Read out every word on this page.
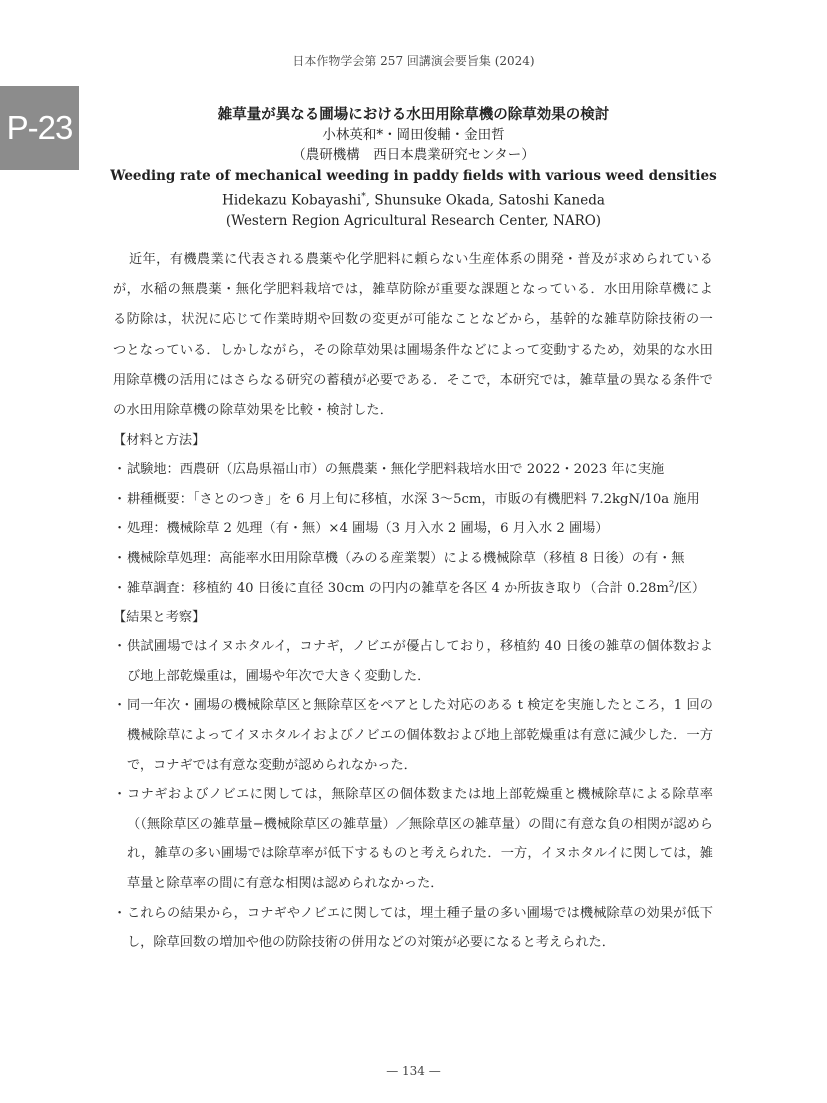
日本作物学会第 257 回講演会要旨集 (2024)
P-23	雑草量が異なる圃場における水田用除草機の除草効果の検討
小林英和*・岡田俊輔・金田哲
（農研機構　西日本農業研究センター）
Weeding rate of mechanical weeding in paddy fields with various weed densities
Hidekazu Kobayashi*, Shunsuke Okada, Satoshi Kaneda
(Western Region Agricultural Research Center, NARO)

近年，有機農業に代表される農薬や化学肥料に頼らない生産体系の開発・普及が求められているが，水稲の無農薬・無化学肥料栽培では，雑草防除が重要な課題となっている．水田用除草機による防除は，状況に応じて作業時期や回数の変更が可能なことなどから，基幹的な雑草防除技術の一つとなっている．しかしながら，その除草効果は圃場条件などによって変動するため，効果的な水田用除草機の活用にはさらなる研究の蓄積が必要である．そこで，本研究では，雑草量の異なる条件での水田用除草機の除草効果を比較・検討した．

【材料と方法】
・ 試験地：西農研（広島県福山市）の無農薬・無化学肥料栽培水田で 2022・2023 年に実施
・ 耕種概要：「さとのつき」を 6 月上旬に移植，水深 3～5cm，市販の有機肥料 7.2kgN/10a 施用
・ 処理：機械除草 2 処理（有・無）×4 圃場（3 月入水 2 圃場，6 月入水 2 圃場）
・ 機械除草処理：高能率水田用除草機（みのる産業製）による機械除草（移植 8 日後）の有・無
・ 雑草調査：移植約 40 日後に直径 30cm の円内の雑草を各区 4 か所抜き取り（合計 $0.28m^2/$区）
【結果と考察】
・ 供試圃場ではイヌホタルイ，コナギ，ノビエが優占しており，移植約 40 日後の雑草の個体数および地上部乾燥重は，圃場や年次で大きく変動した．
・ 同一年次・圃場の機械除草区と無除草区をペアとした対応のある t 検定を実施したところ，1 回の機械除草によってイヌホタルイおよびノビエの個体数および地上部乾燥重は有意に減少した．一方で，コナギでは有意な変動が認められなかった．
・ コナギおよびノビエに関しては，無除草区の個体数または地上部乾燥重と機械除草による除草率（（無除草区の雑草量−機械除草区の雑草量）／無除草区の雑草量）の間に有意な負の相関が認められ，雑草の多い圃場では除草率が低下するものと考えられた．一方，イヌホタルイに関しては，雑草量と除草率の間に有意な相関は認められなかった．
・ これらの結果から，コナギやノビエに関しては，埋土種子量の多い圃場では機械除草の効果が低下し，除草回数の増加や他の防除技術の併用などの対策が必要になると考えられた．
— 134 —
